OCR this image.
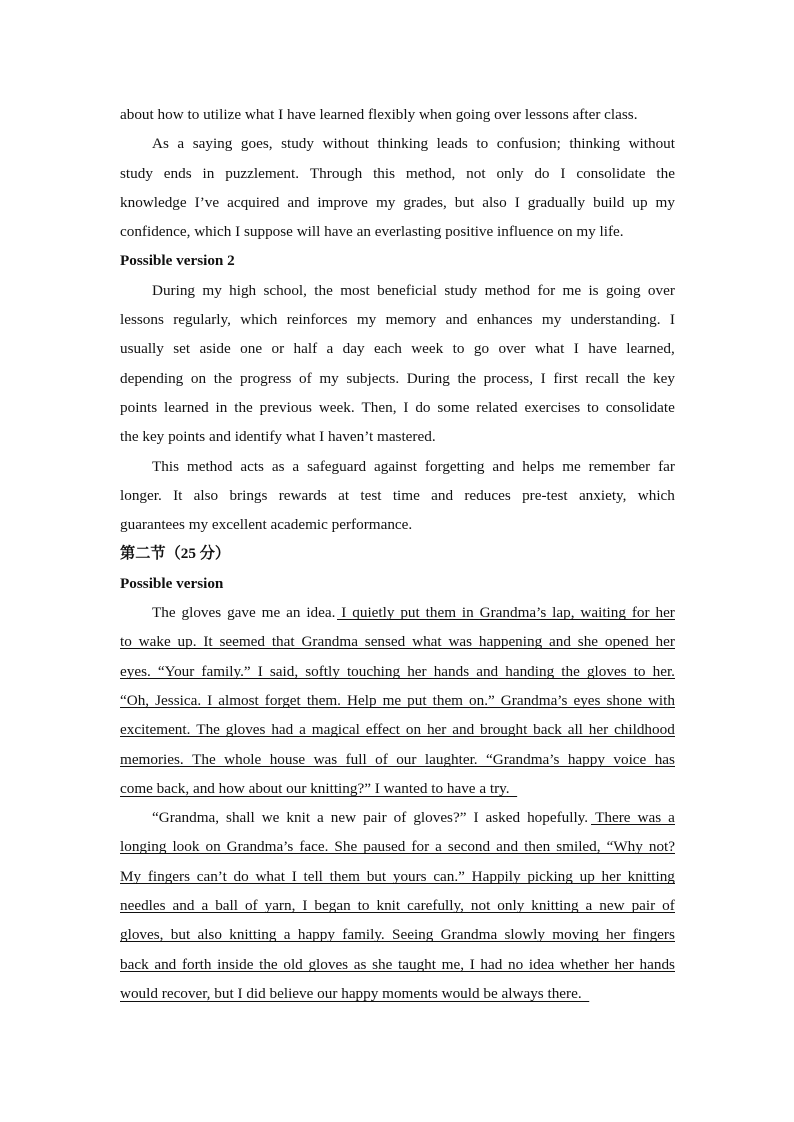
about how to utilize what I have learned flexibly when going over lessons after class.
As a saying goes, study without thinking leads to confusion; thinking without
study ends in puzzlement. Through this method, not only do I consolidate the
knowledge I’ve acquired and improve my grades, but also I gradually build up my
confidence, which I suppose will have an everlasting positive influence on my life.
Possible version 2
During my high school, the most beneficial study method for me is going over
lessons regularly, which reinforces my memory and enhances my understanding. I
usually set aside one or half a day each week to go over what I have learned,
depending on the progress of my subjects. During the process, I first recall the key
points learned in the previous week. Then, I do some related exercises to consolidate
the key points and identify what I haven’t mastered.
This method acts as a safeguard against forgetting and helps me remember far
longer. It also brings rewards at test time and reduces pre-test anxiety, which
guarantees my excellent academic performance.
第二节（25 分）
Possible version
The gloves gave me an idea. I quietly put them in Grandma’s lap, waiting for her
to wake up. It seemed that Grandma sensed what was happening and she opened her
eyes. “Your family.” I said, softly touching her hands and handing the gloves to her.
“Oh, Jessica. I almost forget them. Help me put them on.” Grandma’s eyes shone with
excitement. The gloves had a magical effect on her and brought back all her childhood
memories. The whole house was full of our laughter. “Grandma’s happy voice has
come back, and how about our knitting?” I wanted to have a try.
“Grandma, shall we knit a new pair of gloves?” I asked hopefully. There was a
longing look on Grandma’s face. She paused for a second and then smiled, “Why not?
My fingers can’t do what I tell them but yours can.” Happily picking up her knitting
needles and a ball of yarn, I began to knit carefully, not only knitting a new pair of
gloves, but also knitting a happy family. Seeing Grandma slowly moving her fingers
back and forth inside the old gloves as she taught me, I had no idea whether her hands
would recover, but I did believe our happy moments would be always there.
